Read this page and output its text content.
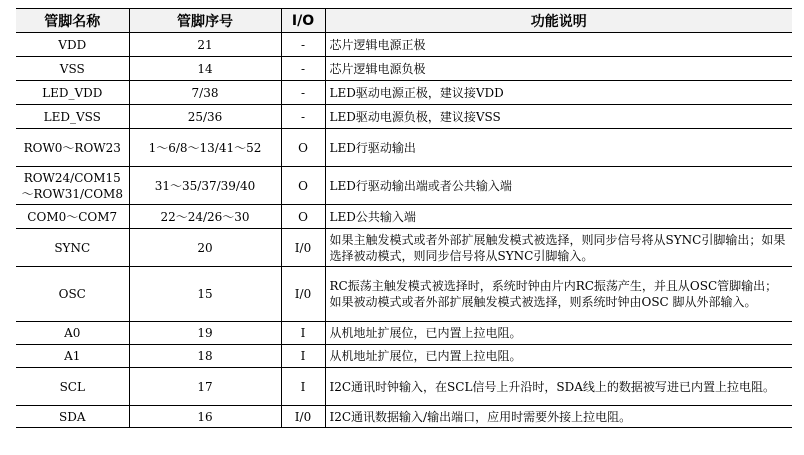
管脚名称	管脚序号	I/O	功能说明
VDD	21	-	芯片逻辑电源正极
VSS	14	-	芯片逻辑电源负极
LED_VDD	7/38	-	LED驱动电源正极，建议接VDD
LED_VSS	25/36	-	LED驱动电源负极，建议接VSS
ROW0～ROW23	1～6/8～13/41～52	O	LED行驱动输出
ROW24/COM15～ROW31/COM8	31～35/37/39/40	O	LED行驱动输出端或者公共输入端
COM0～COM7	22～24/26～30	O	LED公共输入端
SYNC	20	I/0	如果主触发模式或者外部扩展触发模式被选择，则同步信号将从SYNC引脚输出；如果选择被动模式，则同步信号将从SYNC引脚输入。
OSC	15	I/0	RC振荡主触发模式被选择时，系统时钟由片内RC振荡产生，并且从OSC管脚输出；如果被动模式或者外部扩展触发模式被选择，则系统时钟由OSC 脚从外部输入。
A0	19	I	从机地址扩展位，已内置上拉电阻。
A1	18	I	从机地址扩展位，已内置上拉电阻。
SCL	17	I	I2C通讯时钟输入，在SCL信号上升沿时，SDA线上的数据被写进已内置上拉电阻。
SDA	16	I/0	I2C通讯数据输入/输出端口，应用时需要外接上拉电阻。
